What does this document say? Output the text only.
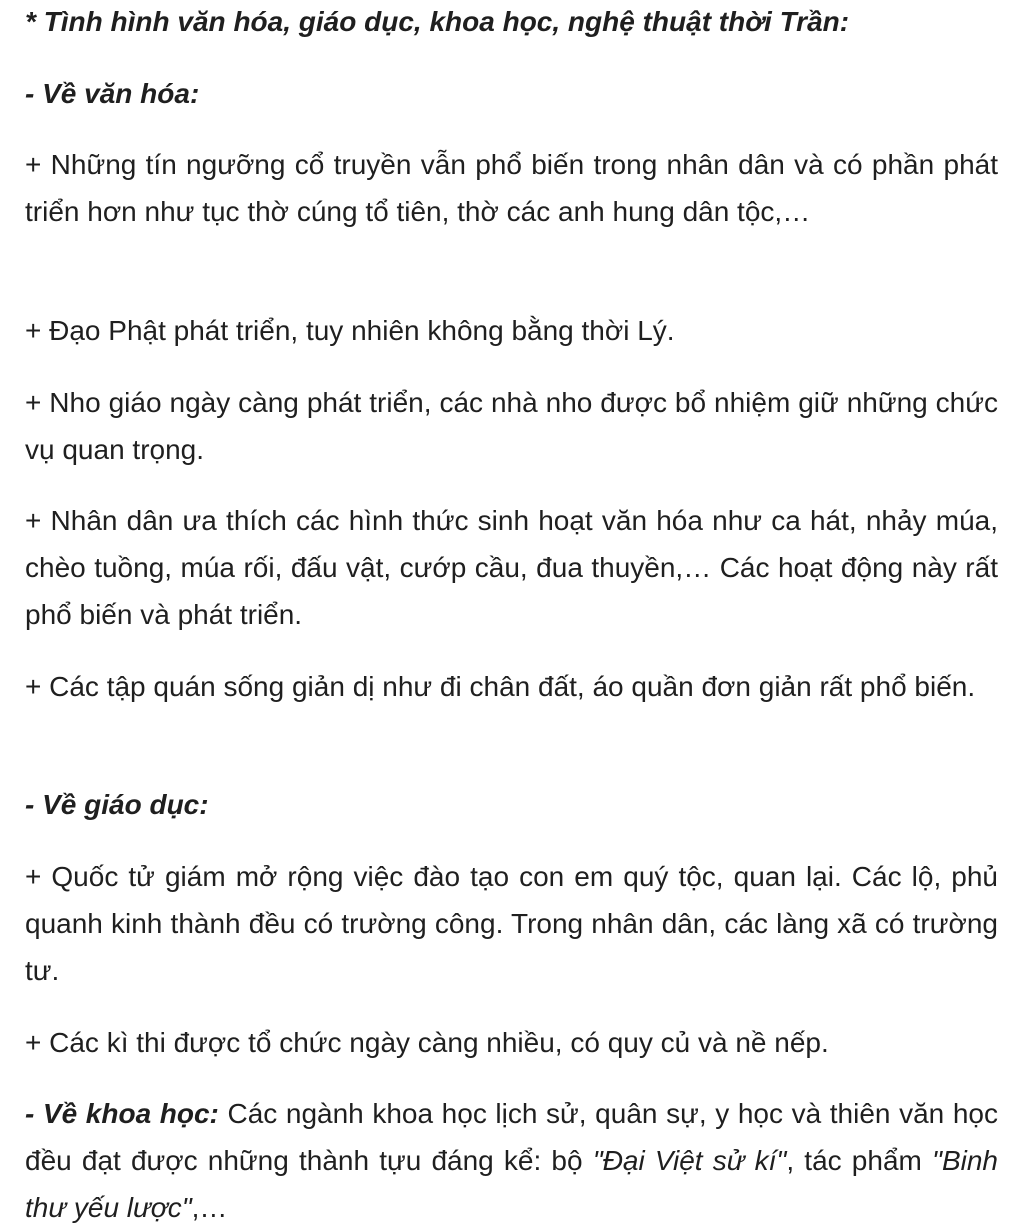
* Tình hình văn hóa, giáo dục, khoa học, nghệ thuật thời Trần:

- Về văn hóa:

+ Những tín ngưỡng cổ truyền vẫn phổ biến trong nhân dân và có phần phát triển hơn như tục thờ cúng tổ tiên, thờ các anh hung dân tộc,…

+ Đạo Phật phát triển, tuy nhiên không bằng thời Lý.

+ Nho giáo ngày càng phát triển, các nhà nho được bổ nhiệm giữ những chức vụ quan trọng.

+ Nhân dân ưa thích các hình thức sinh hoạt văn hóa như ca hát, nhảy múa, chèo tuồng, múa rối, đấu vật, cướp cầu, đua thuyền,… Các hoạt động này rất phổ biến và phát triển.

+ Các tập quán sống giản dị như đi chân đất, áo quần đơn giản rất phổ biến.

- Về giáo dục:

+ Quốc tử giám mở rộng việc đào tạo con em quý tộc, quan lại. Các lộ, phủ quanh kinh thành đều có trường công. Trong nhân dân, các làng xã có trường tư.

+ Các kì thi được tổ chức ngày càng nhiều, có quy củ và nề nếp.

- Về khoa học: Các ngành khoa học lịch sử, quân sự, y học và thiên văn học đều đạt được những thành tựu đáng kể: bộ "Đại Việt sử kí", tác phẩm "Binh thư yếu lược",…
